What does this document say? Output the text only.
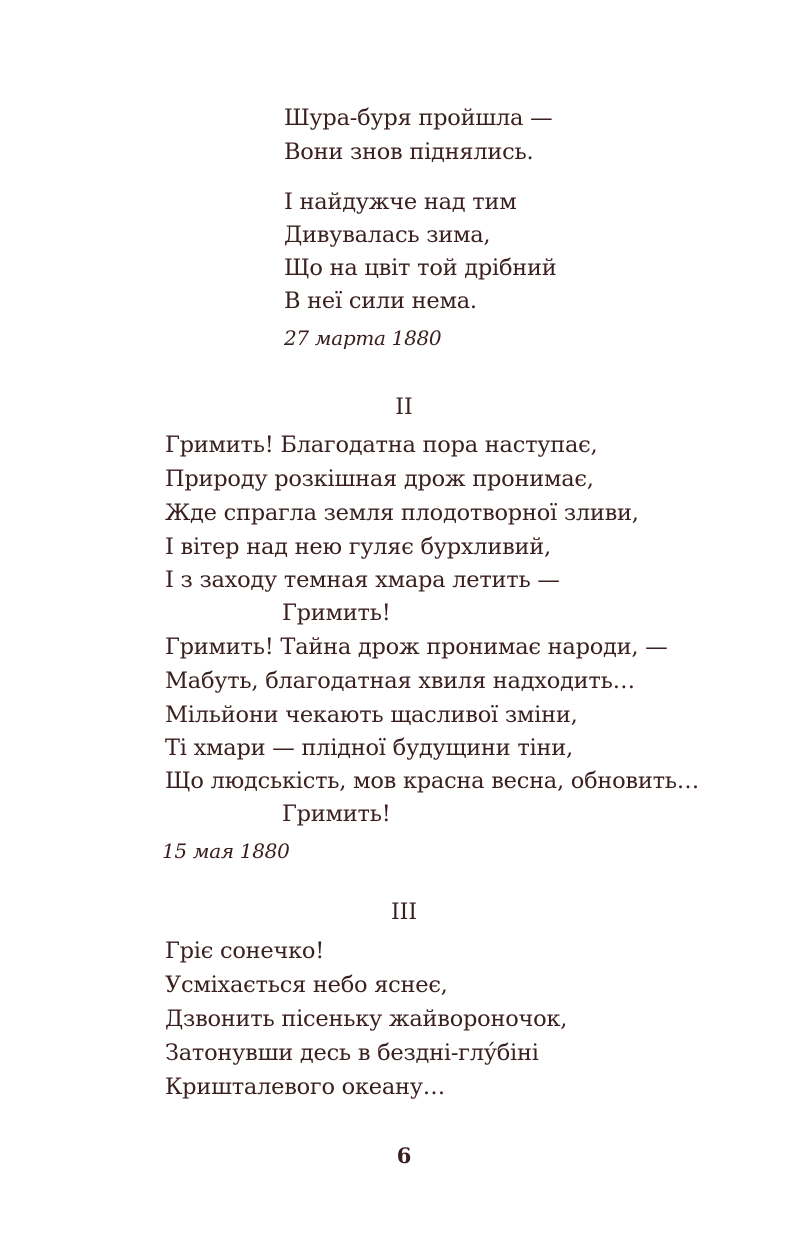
Шура-буря пройшла —
Вони знов піднялись.
І найдужче над тим
Дивувалась зима,
Що на цвіт той дрібний
В неї сили нема.
27 марта 1880
II
Гримить! Благодатна пора наступає,
Природу розкішная дрож пронимає,
Жде спрагла земля плодотворної зливи,
І вітер над нею гуляє бурхливий,
І з заходу темная хмара летить —
Гримить!
Гримить! Тайна дрож пронимає народи, —
Мабуть, благодатная хвиля надходить…
Мільйони чекають щасливої зміни,
Ті хмари — плідної будущини тіни,
Що людськість, мов красна весна, обновить…
Гримить!
15 мая 1880
III
Гріє сонечко!
Усміхається небо яснеє,
Дзвонить пісеньку жайвороночок,
Затонувши десь в бездні-глу́біні
Кришталевого океану…
6
